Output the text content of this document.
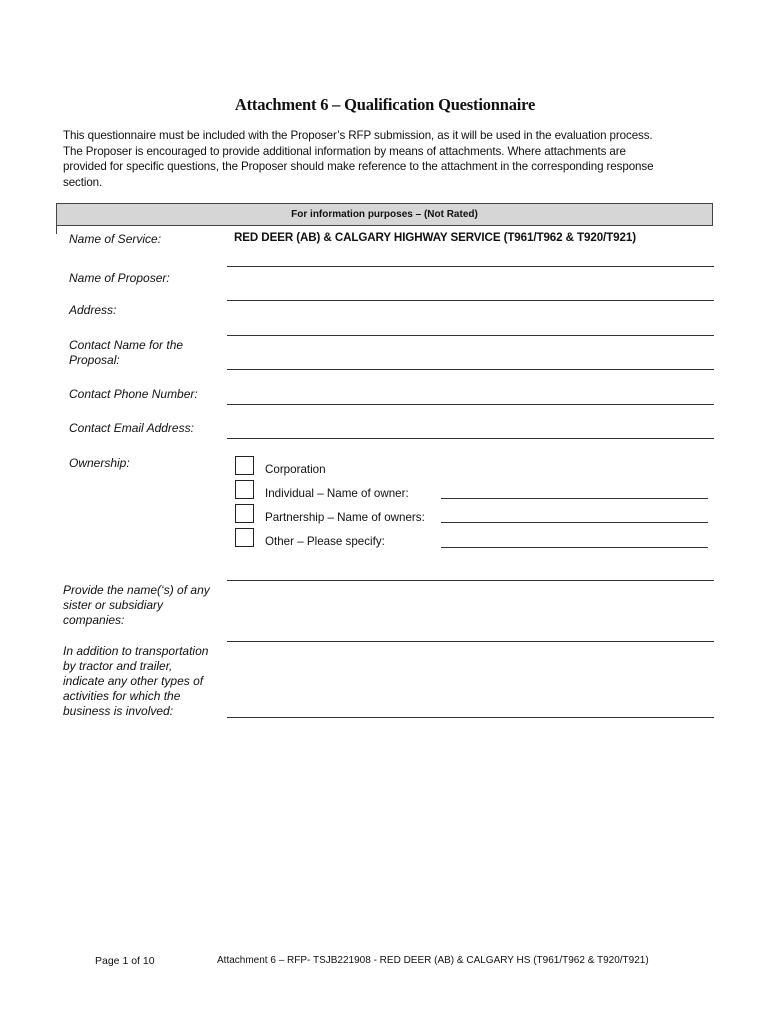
Attachment 6 – Qualification Questionnaire
This questionnaire must be included with the Proposer’s RFP submission, as it will be used in the evaluation process.
The Proposer is encouraged to provide additional information by means of attachments. Where attachments are
provided for specific questions, the Proposer should make reference to the attachment in the corresponding response
section.
For information purposes – (Not Rated)
Name of Service:	RED DEER (AB) & CALGARY HIGHWAY SERVICE (T961/T962 & T920/T921)
Name of Proposer:
Address:
Contact Name for the
Proposal:
Contact Phone Number:
Contact Email Address:
Ownership:	Corporation
Individual – Name of owner:
Partnership – Name of owners:
Other – Please specify:
Provide the name(‘s) of any
sister or subsidiary
companies:
In addition to transportation
by tractor and trailer,
indicate any other types of
activities for which the
business is involved:
Page 1 of 10	Attachment 6 – RFP- TSJB221908 - RED DEER (AB) & CALGARY HS (T961/T962 & T920/T921)
